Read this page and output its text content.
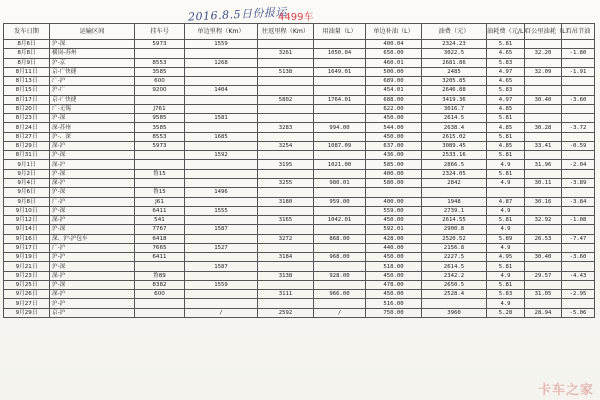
2016.8.5日份报运
4499车
发车日期	运输区间	挂车号	单边里程（Km）	往返里程（Km）	用油量（L）	单边补油（L）	油费（元）	油耗费（元/L）	百公里油耗（L）	百吊节油
8月6日	沪-深	5973	1559			400.04	2324.23	5.81		
8月8日	横岗-苏州			3261	1050.04	650.00	3022.5	4.65	32.20	-1.80
8月9日	沪-京	8553	1268			460.01	2681.86	5.83		
8月11日	京-广快捷	3585		5138	1649.01	500.00	2485	4.97	32.09	-1.91
8月13日	广-沪	600				689.00	3205.85	4.65		
8月15日	沪-广	9200	1404			454.01	2646.88	5.83		
8月17日	京-广快捷			5802	1764.01	688.00	3419.36	4.97	30.40	-3.60
8月20日	广-无锡	J761				622.00	3016.7	4.85		
8月23日	沪-深	9585	1581			450.00	2614.5	5.81		
8月24日	深-苏州	3585		3283	994.00	544.00	2638.4	4.85	30.28	-3.72
8月27日	沪-、深	8553	1685			450.00	2615.02	5.81		
8月29日	深-沪	5973		3254	1087.09	637.00	3089.45	4.85	33.41	-0.59
8月31日	沪-深		1592			436.00	2533.16	5.81		
9月1日	深-沪			3195	1021.00	585.00	2866.5	4.9	31.96	-2.04
9月2日	沪-深	鲁15				400.00	2324.05	5.81		
9月4日	深-沪			3255	980.01	580.00	2842	4.9	30.11	-3.89
9月6日	沪-深	鲁15	1496							
9月8日	广-沪	J61		3180	959.00	400.00	1948	4.87	30.16	-3.84
9月10日	沪-深	6411	1555			559.00	2739.1	4.9		
9月12日	深-沪	541		3165	1042.01	450.00	2614.55	5.81	32.92	-1.08
9月14日	沪-深	7767	1587			592.01	2900.8	4.9		
9月16日	深、沪-沪包车	6418		3272	868.00	428.00	2520.52	5.89	26.53	-7.47
9月17日	广-沪	7665	1527			440.00	2156.8	4.9		
9月19日	沪-沪	6411		3184	968.00	450.00	2227.5	4.95	30.40	-3.60
9月21日	沪-深		1587			518.00	2614.5	5.81		
9月23日	深-沪	鲁89		3138	928.00	450.00	2342.2	4.9	29.57	-4.43
9月25日	沪-深	8382	1559			478.00	2650.5	5.81		
9月26日	深-沪	600		3111	966.00	450.00	2528.4	5.83	31.05	-2.95
9月27日	沪-沪					516.00		4.9		
9月29日	京-沪		/	2592	/	750.00	3960	5.28	28.94	-5.06
卡车之家
